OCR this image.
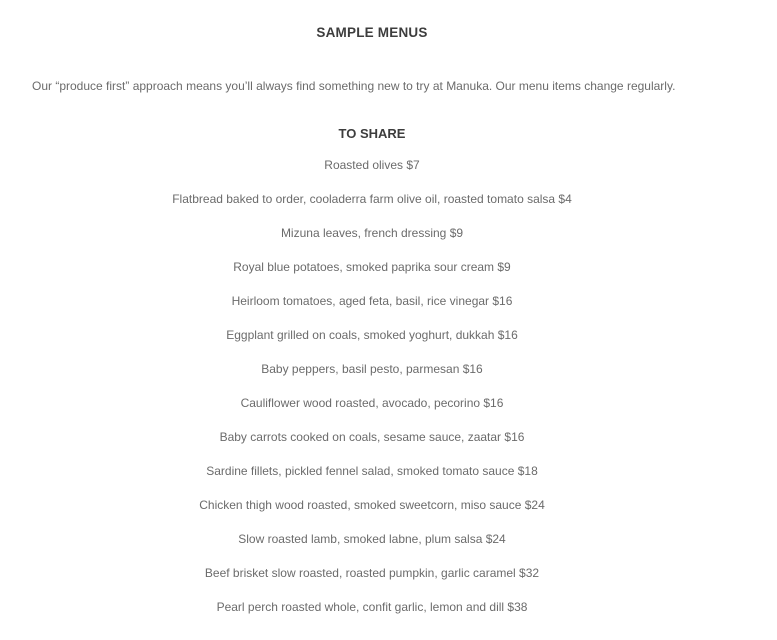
SAMPLE MENUS
Our “produce first” approach means you’ll always find something new to try at Manuka. Our menu items change regularly.
TO SHARE
Roasted olives $7
Flatbread baked to order, cooladerra farm olive oil, roasted tomato salsa $4
Mizuna leaves, french dressing $9
Royal blue potatoes, smoked paprika sour cream $9
Heirloom tomatoes, aged feta, basil, rice vinegar $16
Eggplant grilled on coals, smoked yoghurt, dukkah $16
Baby peppers, basil pesto, parmesan $16
Cauliflower wood roasted, avocado, pecorino $16
Baby carrots cooked on coals, sesame sauce, zaatar $16
Sardine fillets, pickled fennel salad, smoked tomato sauce $18
Chicken thigh wood roasted, smoked sweetcorn, miso sauce $24
Slow roasted lamb, smoked labne, plum salsa $24
Beef brisket slow roasted, roasted pumpkin, garlic caramel $32
Pearl perch roasted whole, confit garlic, lemon and dill $38
